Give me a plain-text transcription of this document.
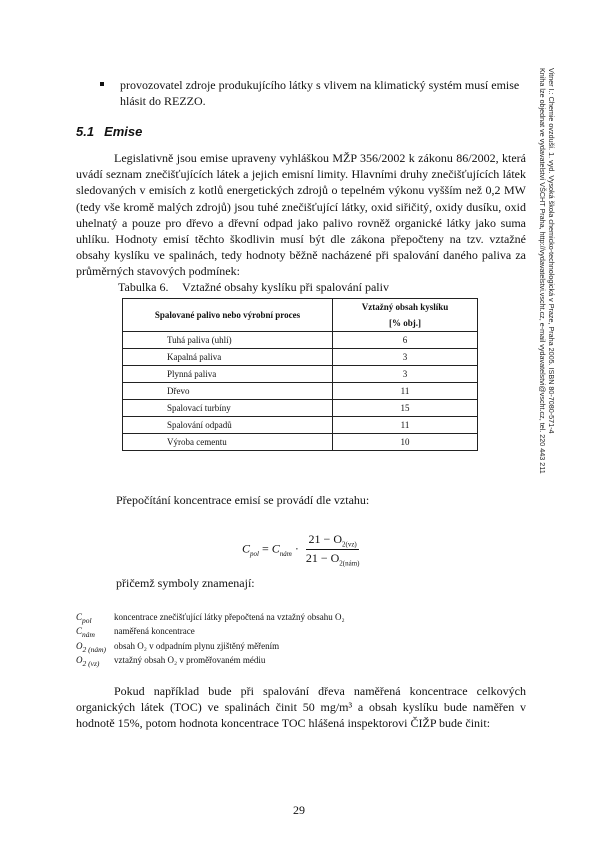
provozovatel zdroje produkujícího látky s vlivem na klimatický systém musí emise hlásit do REZZO.
5.1 Emise
Legislativně jsou emise upraveny vyhláškou MŽP 356/2002 k zákonu 86/2002, která uvádí seznam znečišťujících látek a jejich emisní limity. Hlavními druhy znečišťujících látek sledovaných v emisích z kotlů energetických zdrojů o tepelném výkonu vyšším než 0,2 MW (tedy vše kromě malých zdrojů) jsou tuhé znečišťující látky, oxid siřičitý, oxidy dusíku, oxid uhelnatý a pouze pro dřevo a dřevní odpad jako palivo rovněž organické látky jako suma uhlíku. Hodnoty emisí těchto škodlivin musí být dle zákona přepočteny na tzv. vztažné obsahy kyslíku ve spalinách, tedy hodnoty běžně nacházené při spalování daného paliva za průměrných stavových podmínek:
Tabulka 6. Vztažné obsahy kyslíku při spalování paliv
Spalované palivo nebo výrobní proces	Vztažný obsah kyslíku
	[% obj.]
Tuhá paliva (uhlí)	6
Kapalná paliva	3
Plynná paliva	3
Dřevo	11
Spalovací turbíny	15
Spalování odpadů	11
Výroba cementu	10
Přepočítání koncentrace emisí se provádí dle vztahu:
$C_{pol} = C_{nám} \cdot \frac{21 - O_{2(vz)}}{21 - O_{2(nám)}}$
přičemž symboly znamenají:
$C_{pol}$ koncentrace znečišťující látky přepočtená na vztažný obsahu O₂
$C_{nám}$ naměřená koncentrace
$O_{2 (nám)}$ obsah O₂ v odpadním plynu zjištěný měřením
$O_{2 (vz)}$ vztažný obsah O₂ v proměřovaném médiu
Pokud například bude při spalování dřeva naměřená koncentrace celkových organických látek (TOC) ve spalinách činit 50 mg/m³ a obsah kyslíku bude naměřen v hodnotě 15%, potom hodnota koncentrace TOC hlášená inspektorovi ČIŽP bude činit:
29
Vitner I.: Chemie ovzduší. 1. vyd. Vysoká škola chemicko-technologická v Praze, Praha 2005. ISBN 80-7080-571-4
Kniha lze objednat ve vydavatelství VŠCHT Praha, http://vydavatelstvi.vscht.cz, e-mail vydavatelstvi@vscht.cz, tel. 220 443 211
